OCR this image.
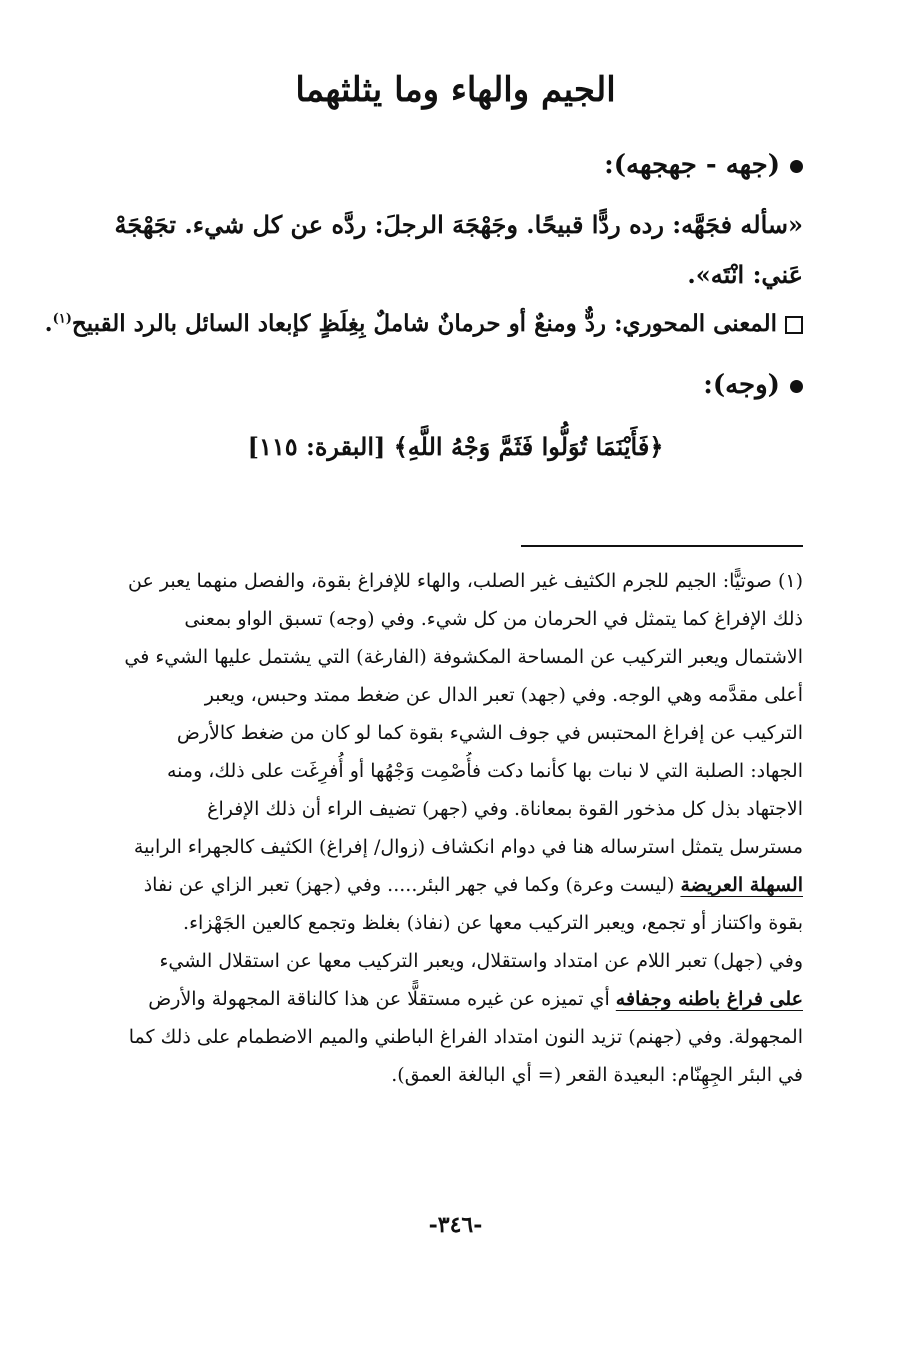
الجيم والهاء وما يثلثهما
(جهه - جهجهه):
«سأله فجَهَّه: رده ردًّا قبيحًا. وجَهْجَهَ الرجلَ: ردَّه عن كل شيء. تجَهْجَهْ
عَني: انْتَه».
المعنى المحوري: ردٌّ ومنعٌ أو حرمانٌ شاملٌ بِغِلَظٍ كإبعاد السائل بالرد القبيح$^{(١)}$.
(وجه):
﴿فَأَيْنَمَا تُوَلُّوا فَثَمَّ وَجْهُ اللَّهِ﴾ [البقرة: ١١٥]
(١) صوتيًّا: الجيم للجرم الكثيف غير الصلب، والهاء للإفراغ بقوة، والفصل منهما يعبر عن
ذلك الإفراغ كما يتمثل في الحرمان من كل شيء. وفي (وجه) تسبق الواو بمعنى
الاشتمال ويعبر التركيب عن المساحة المكشوفة (الفارغة) التي يشتمل عليها الشيء في
أعلى مقدَّمه وهي الوجه. وفي (جهد) تعبر الدال عن ضغط ممتد وحبس، ويعبر
التركيب عن إفراغ المحتبس في جوف الشيء بقوة كما لو كان من ضغط كالأرض
الجهاد: الصلبة التي لا نبات بها كأنما دكت فأُصْمِت وَجْهُها أو أُفرِغَت على ذلك، ومنه
الاجتهاد بذل كل مذخور القوة بمعاناة. وفي (جهر) تضيف الراء أن ذلك الإفراغ
مسترسل يتمثل استرساله هنا في دوام انكشاف (زوال/ إفراغ) الكثيف كالجهراء الرابية
السهلة العريضة (ليست وعرة) وكما في جهر البئر..... وفي (جهز) تعبر الزاي عن نفاذ
بقوة واكتناز أو تجمع، ويعبر التركيب معها عن (نفاذ) بغلظ وتجمع كالعين الجَهْزاء.
وفي (جهل) تعبر اللام عن امتداد واستقلال، ويعبر التركيب معها عن استقلال الشيء
على فراغ باطنه وجفافه أي تميزه عن غيره مستقلًّا عن هذا كالناقة المجهولة والأرض
المجهولة. وفي (جهنم) تزيد النون امتداد الفراغ الباطني والميم الاضطمام على ذلك كما
في البئر الجِهِنّام: البعيدة القعر (= أي البالغة العمق).
-٣٤٦-
